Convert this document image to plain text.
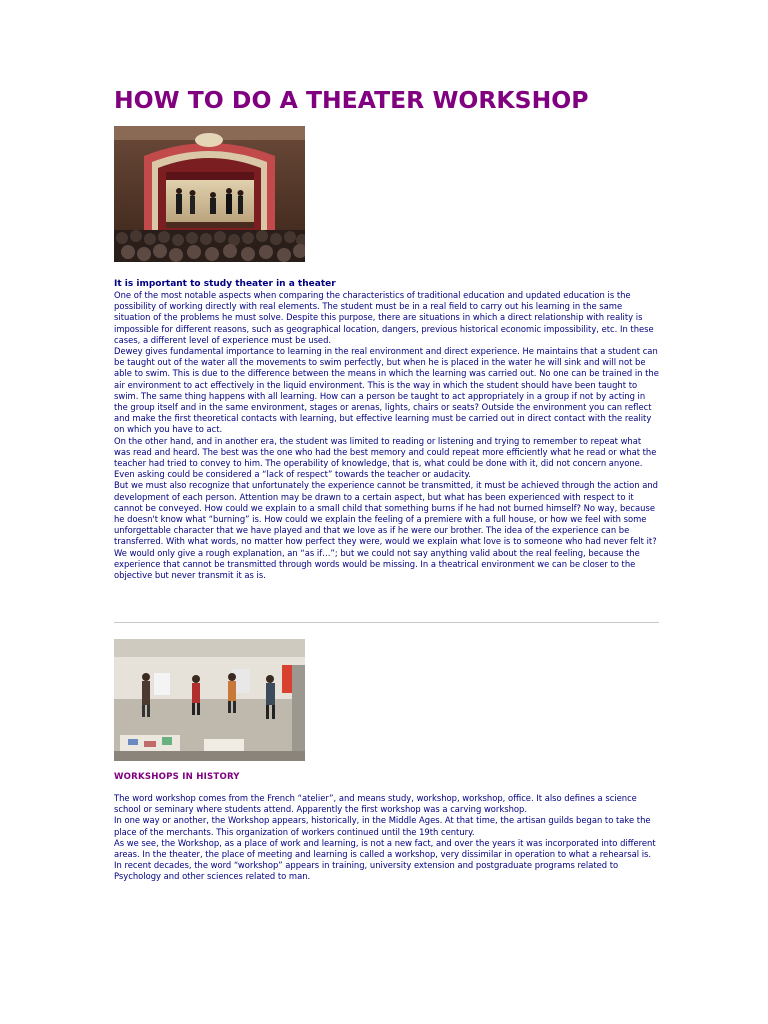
HOW TO DO A THEATER WORKSHOP
It is important to study theater in a theater

One of the most notable aspects when comparing the characteristics of traditional education and updated education is the possibility of working directly with real elements. The student must be in a real field to carry out his learning in the same situation of the problems he must solve. Despite this purpose, there are situations in which a direct relationship with reality is impossible for different reasons, such as geographical location, dangers, previous historical economic impossibility, etc. In these cases, a different level of experience must be used.

Dewey gives fundamental importance to learning in the real environment and direct experience. He maintains that a student can be taught out of the water all the movements to swim perfectly, but when he is placed in the water he will sink and will not be able to swim. This is due to the difference between the means in which the learning was carried out. No one can be trained in the air environment to act effectively in the liquid environment. This is the way in which the student should have been taught to swim. The same thing happens with all learning. How can a person be taught to act appropriately in a group if not by acting in the group itself and in the same environment, stages or arenas, lights, chairs or seats? Outside the environment you can reflect and make the first theoretical contacts with learning, but effective learning must be carried out in direct contact with the reality on which you have to act.

On the other hand, and in another era, the student was limited to reading or listening and trying to remember to repeat what was read and heard. The best was the one who had the best memory and could repeat more efficiently what he read or what the teacher had tried to convey to him. The operability of knowledge, that is, what could be done with it, did not concern anyone. Even asking could be considered a “lack of respect” towards the teacher or audacity.

But we must also recognize that unfortunately the experience cannot be transmitted, it must be achieved through the action and development of each person. Attention may be drawn to a certain aspect, but what has been experienced with respect to it cannot be conveyed. How could we explain to a small child that something burns if he had not burned himself? No way, because he doesn't know what “burning” is. How could we explain the feeling of a premiere with a full house, or how we feel with some unforgettable character that we have played and that we love as if he were our brother. The idea of the experience can be transferred. With what words, no matter how perfect they were, would we explain what love is to someone who had never felt it? We would only give a rough explanation, an “as if…”; but we could not say anything valid about the real feeling, because the experience that cannot be transmitted through words would be missing. In a theatrical environment we can be closer to the objective but never transmit it as is.

WORKSHOPS IN HISTORY

The word workshop comes from the French “atelier”, and means study, workshop, workshop, office. It also defines a science school or seminary where students attend. Apparently the first workshop was a carving workshop.

In one way or another, the Workshop appears, historically, in the Middle Ages. At that time, the artisan guilds began to take the place of the merchants. This organization of workers continued until the 19th century.

As we see, the Workshop, as a place of work and learning, is not a new fact, and over the years it was incorporated into different areas. In the theater, the place of meeting and learning is called a workshop, very dissimilar in operation to what a rehearsal is.

In recent decades, the word “workshop” appears in training, university extension and postgraduate programs related to Psychology and other sciences related to man.
